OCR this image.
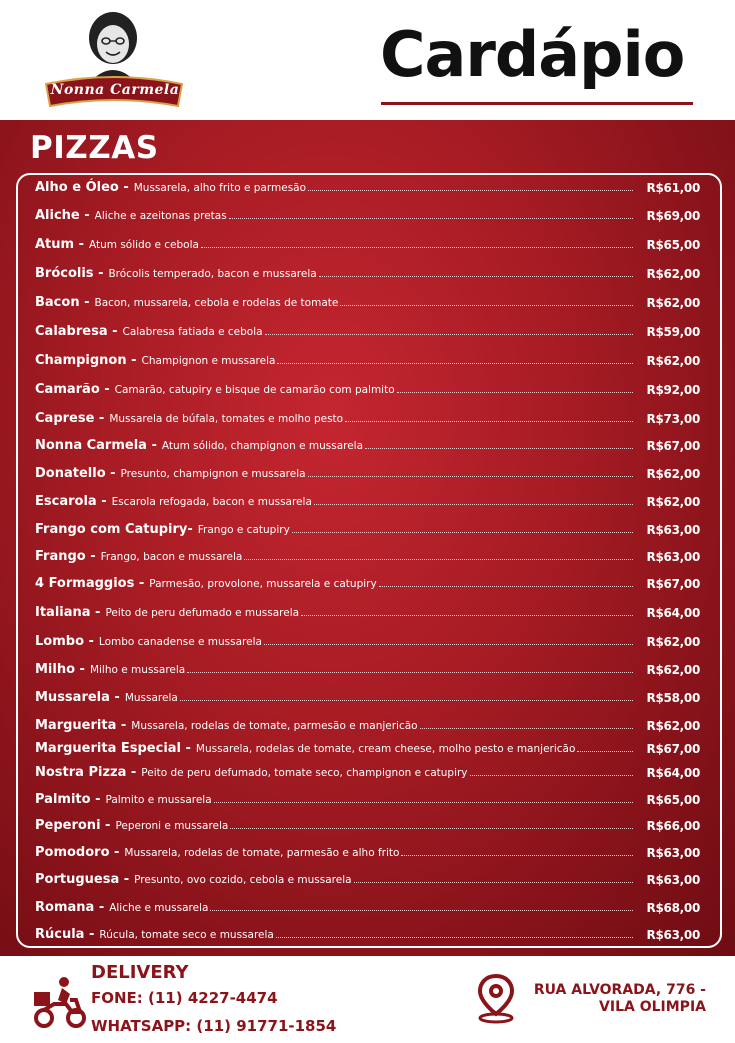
Nonna Carmela	Cardápio
PIZZAS
Alho e Óleo - Mussarela, alho frito e parmesão	R$61,00
Aliche - Aliche e azeitonas pretas	R$69,00
Atum - Atum sólido e cebola	R$65,00
Brócolis - Brócolis temperado, bacon e mussarela	R$62,00
Bacon - Bacon, mussarela, cebola e rodelas de tomate	R$62,00
Calabresa - Calabresa fatiada e cebola	R$59,00
Champignon - Champignon e mussarela	R$62,00
Camarão - Camarão, catupiry e bisque de camarão com palmito	R$92,00
Caprese - Mussarela de búfala, tomates e molho pesto	R$73,00
Nonna Carmela - Atum sólido, champignon e mussarela	R$67,00
Donatello - Presunto, champignon e mussarela	R$62,00
Escarola - Escarola refogada, bacon e mussarela	R$62,00
Frango com Catupiry- Frango e catupiry	R$63,00
Frango - Frango, bacon e mussarela	R$63,00
4 Formaggios - Parmesão, provolone, mussarela e catupiry	R$67,00
Italiana - Peito de peru defumado e mussarela	R$64,00
Lombo - Lombo canadense e mussarela	R$62,00
Milho - Milho e mussarela	R$62,00
Mussarela - Mussarela	R$58,00
Marguerita - Mussarela, rodelas de tomate, parmesão e manjericão	R$62,00
Marguerita Especial - Mussarela, rodelas de tomate, cream cheese, molho pesto e manjericão	R$67,00
Nostra Pizza - Peito de peru defumado, tomate seco, champignon e catupiry	R$64,00
Palmito - Palmito e mussarela	R$65,00
Peperoni - Peperoni e mussarela	R$66,00
Pomodoro - Mussarela, rodelas de tomate, parmesão e alho frito	R$63,00
Portuguesa - Presunto, ovo cozido, cebola e mussarela	R$63,00
Romana - Aliche e mussarela	R$68,00
Rúcula - Rúcula, tomate seco e mussarela	R$63,00
DELIVERY
FONE: (11) 4227-4474
WHATSAPP: (11) 91771-1854
RUA ALVORADA, 776 -
VILA OLIMPIA
